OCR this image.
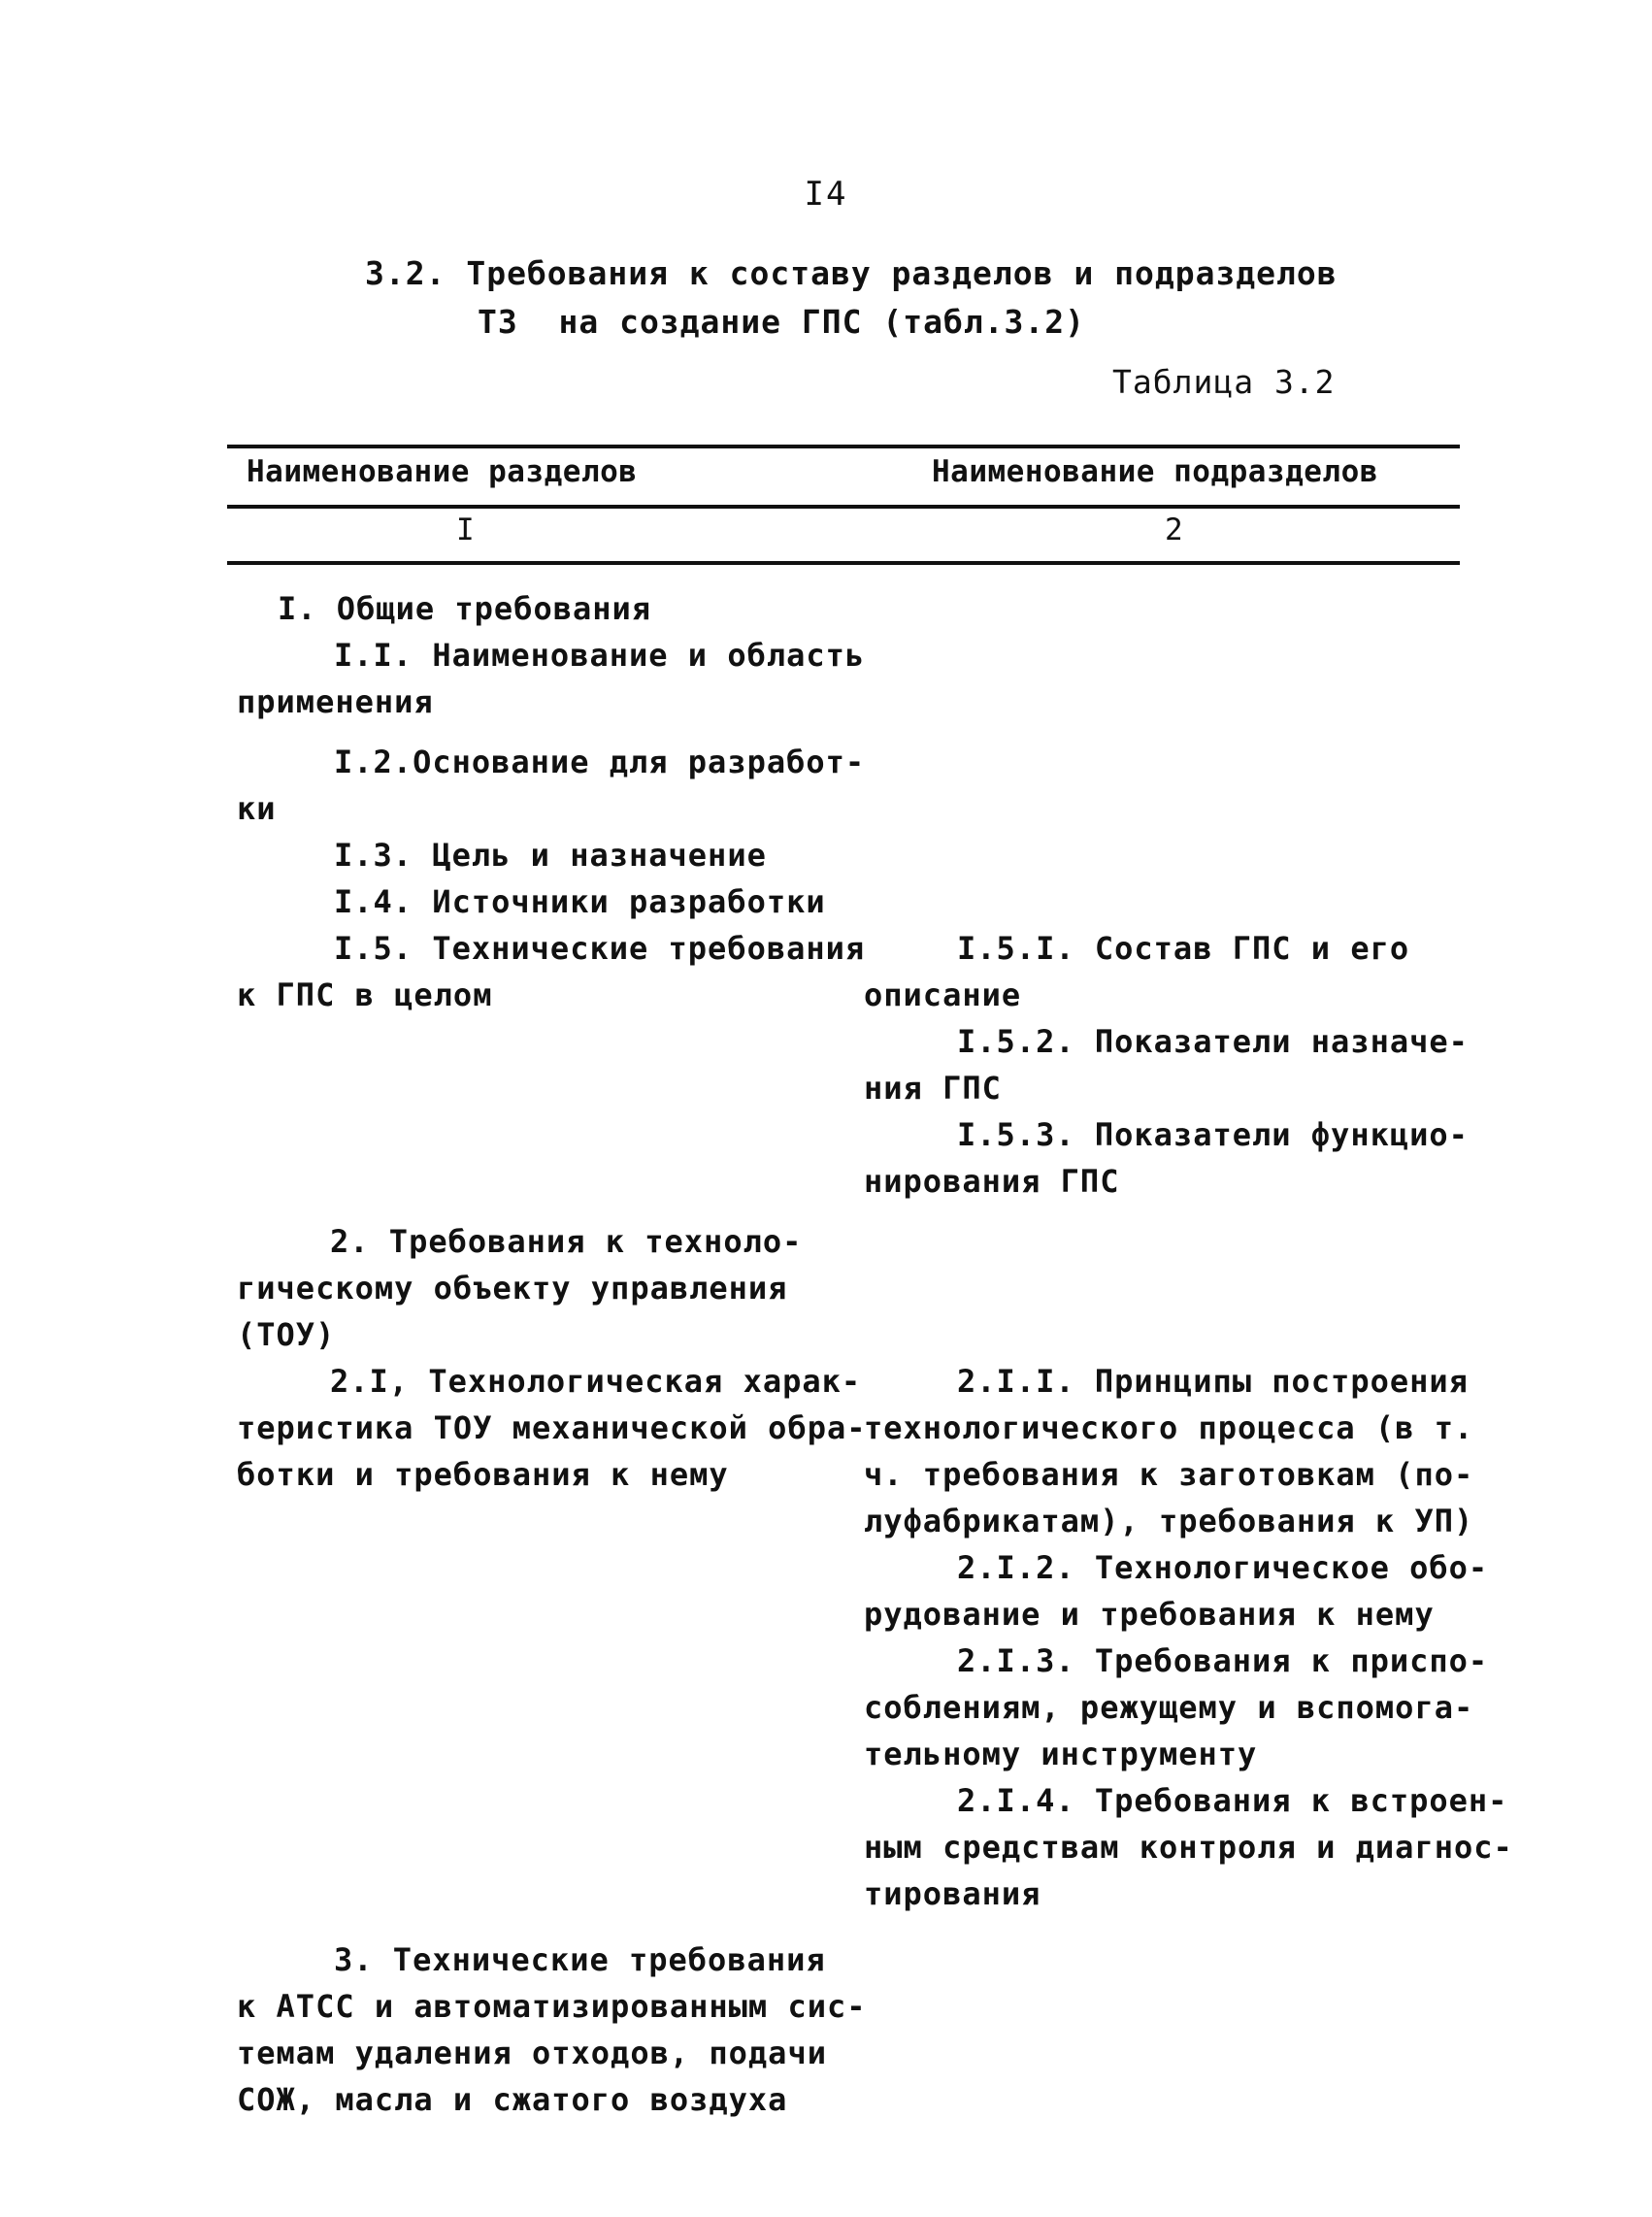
I4
3.2. Требования к составу разделов и подразделов
ТЗ  на создание ГПС (табл.3.2)
Таблица 3.2
Наименование разделов	Наименование подразделов
I	2
I. Общие требования
I.I. Наименование и область
применения
I.2.Основание для разработ-
ки
I.3. Цель и назначение
I.4. Источники разработки
I.5. Технические требования
к ГПС в целом
2. Требования к техноло-
гическому объекту управления
(ТОУ)
2.I, Технологическая харак-
теристика ТОУ механической обра-
ботки и требования к нему
3. Технические требования
к АТСС и автоматизированным сис-
темам удаления отходов, подачи
СОЖ, масла и сжатого воздуха
I.5.I. Состав ГПС и его
описание
I.5.2. Показатели назначе-
ния ГПС
I.5.3. Показатели функцио-
нирования ГПС
2.I.I. Принципы построения
технологического процесса (в т.
ч. требования к заготовкам (по-
луфабрикатам), требования к УП)
2.I.2. Технологическое обо-
рудование и требования к нему
2.I.3. Требования к приспо-
соблениям, режущему и вспомога-
тельному инструменту
2.I.4. Требования к встроен-
ным средствам контроля и диагнос-
тирования
